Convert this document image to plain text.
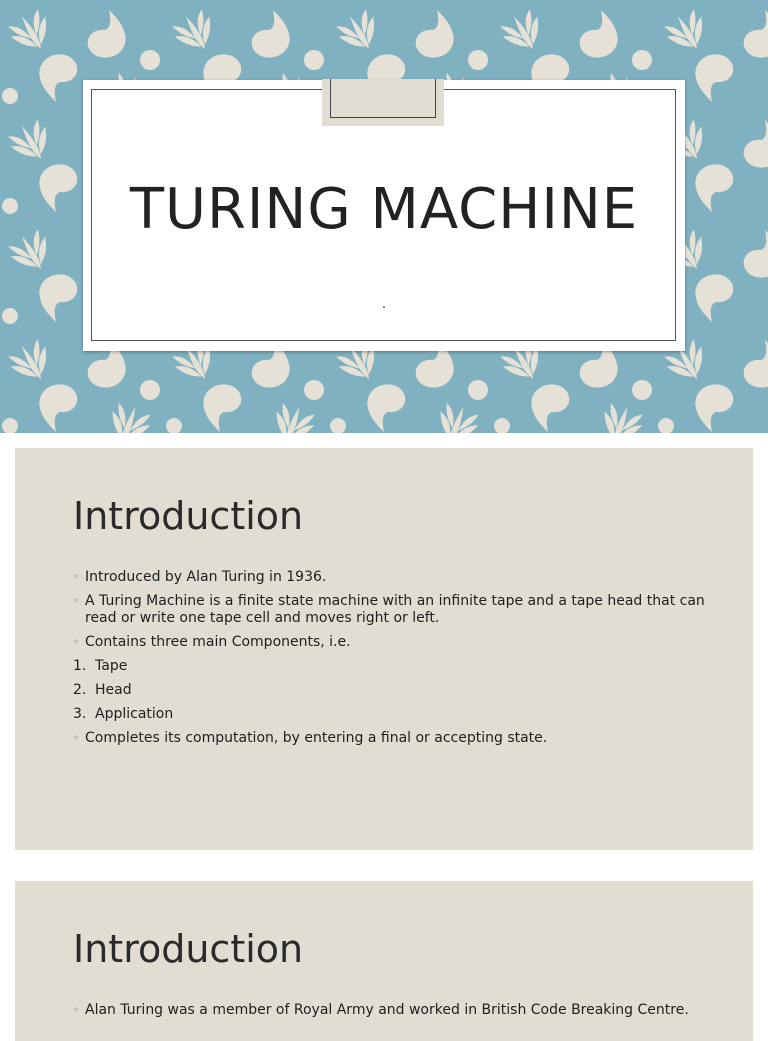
TURING MACHINE
.
Introduction
◦ Introduced by Alan Turing in 1936.
◦ A Turing Machine is a finite state machine with an infinite tape and a tape head that can read or write one tape cell and moves right or left.
◦ Contains three main Components, i.e.
1. Tape
2. Head
3. Application
◦ Completes its computation, by entering a final or accepting state.
Introduction
◦ Alan Turing was a member of Royal Army and worked in British Code Breaking Centre.
